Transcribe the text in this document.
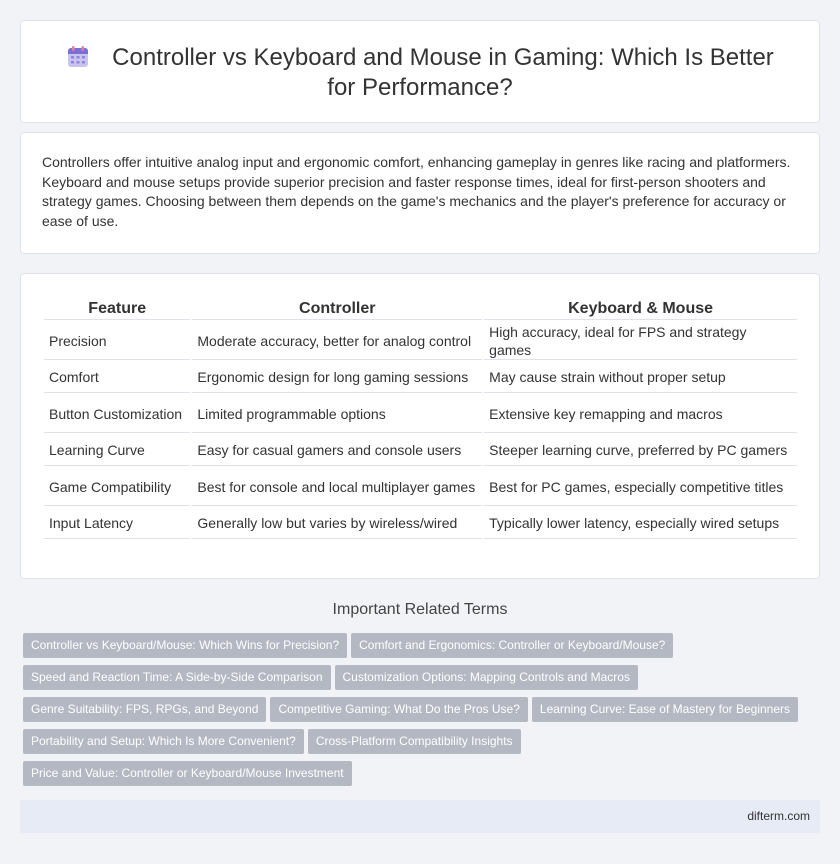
Controller vs Keyboard and Mouse in Gaming: Which Is Better for Performance?

Controllers offer intuitive analog input and ergonomic comfort, enhancing gameplay in genres like racing and platformers. Keyboard and mouse setups provide superior precision and faster response times, ideal for first-person shooters and strategy games. Choosing between them depends on the game's mechanics and the player's preference for accuracy or ease of use.

Feature	Controller	Keyboard & Mouse
Precision	Moderate accuracy, better for analog control	High accuracy, ideal for FPS and strategy games
Comfort	Ergonomic design for long gaming sessions	May cause strain without proper setup
Button Customization	Limited programmable options	Extensive key remapping and macros
Learning Curve	Easy for casual gamers and console users	Steeper learning curve, preferred by PC gamers
Game Compatibility	Best for console and local multiplayer games	Best for PC games, especially competitive titles
Input Latency	Generally low but varies by wireless/wired	Typically lower latency, especially wired setups
Important Related Terms
Controller vs Keyboard/Mouse: Which Wins for Precision? Comfort and Ergonomics: Controller or Keyboard/Mouse?
Speed and Reaction Time: A Side-by-Side Comparison Customization Options: Mapping Controls and Macros
Genre Suitability: FPS, RPGs, and Beyond Competitive Gaming: What Do the Pros Use? Learning Curve: Ease of Mastery for Beginners
Portability and Setup: Which Is More Convenient? Cross-Platform Compatibility Insights
Price and Value: Controller or Keyboard/Mouse Investment
difterm.com
